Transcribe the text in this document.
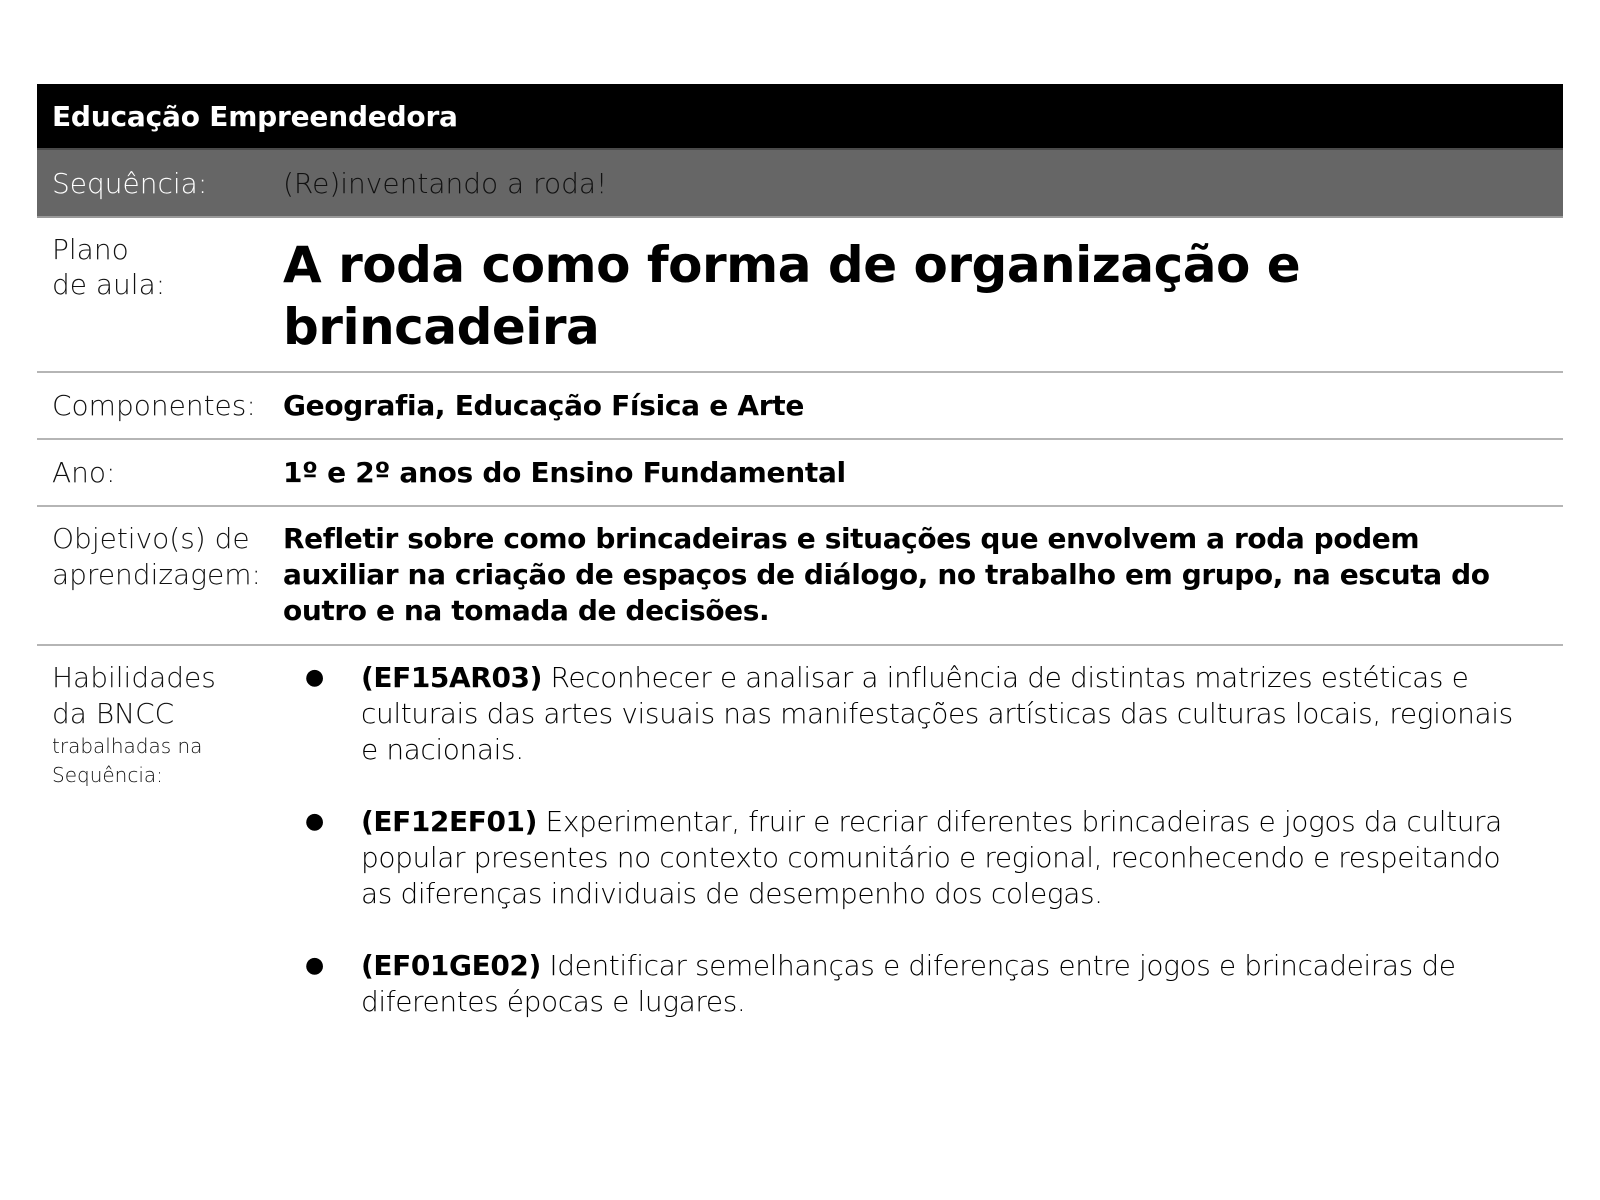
Educação Empreendedora
Sequência:	(Re)inventando a roda!
Plano
de aula:	A roda como forma de organização e brincadeira
Componentes: Geografia, Educação Física e Arte
Ano:	1º e 2º anos do Ensino Fundamental
Objetivo(s) de
aprendizagem:
Refletir sobre como brincadeiras e situações que envolvem a roda podem auxiliar na criação de espaços de diálogo, no trabalho em grupo, na escuta do outro e na tomada de decisões.
Habilidades
da BNCC
trabalhadas na
Sequência:
●	(EF15AR03) Reconhecer e analisar a influência de distintas matrizes estéticas e culturais das artes visuais nas manifestações artísticas das culturas locais, regionais e nacionais.
●	(EF12EF01) Experimentar, fruir e recriar diferentes brincadeiras e jogos da cultura popular presentes no contexto comunitário e regional, reconhecendo e respeitando as diferenças individuais de desempenho dos colegas.
●	(EF01GE02) Identificar semelhanças e diferenças entre jogos e brincadeiras de diferentes épocas e lugares.
